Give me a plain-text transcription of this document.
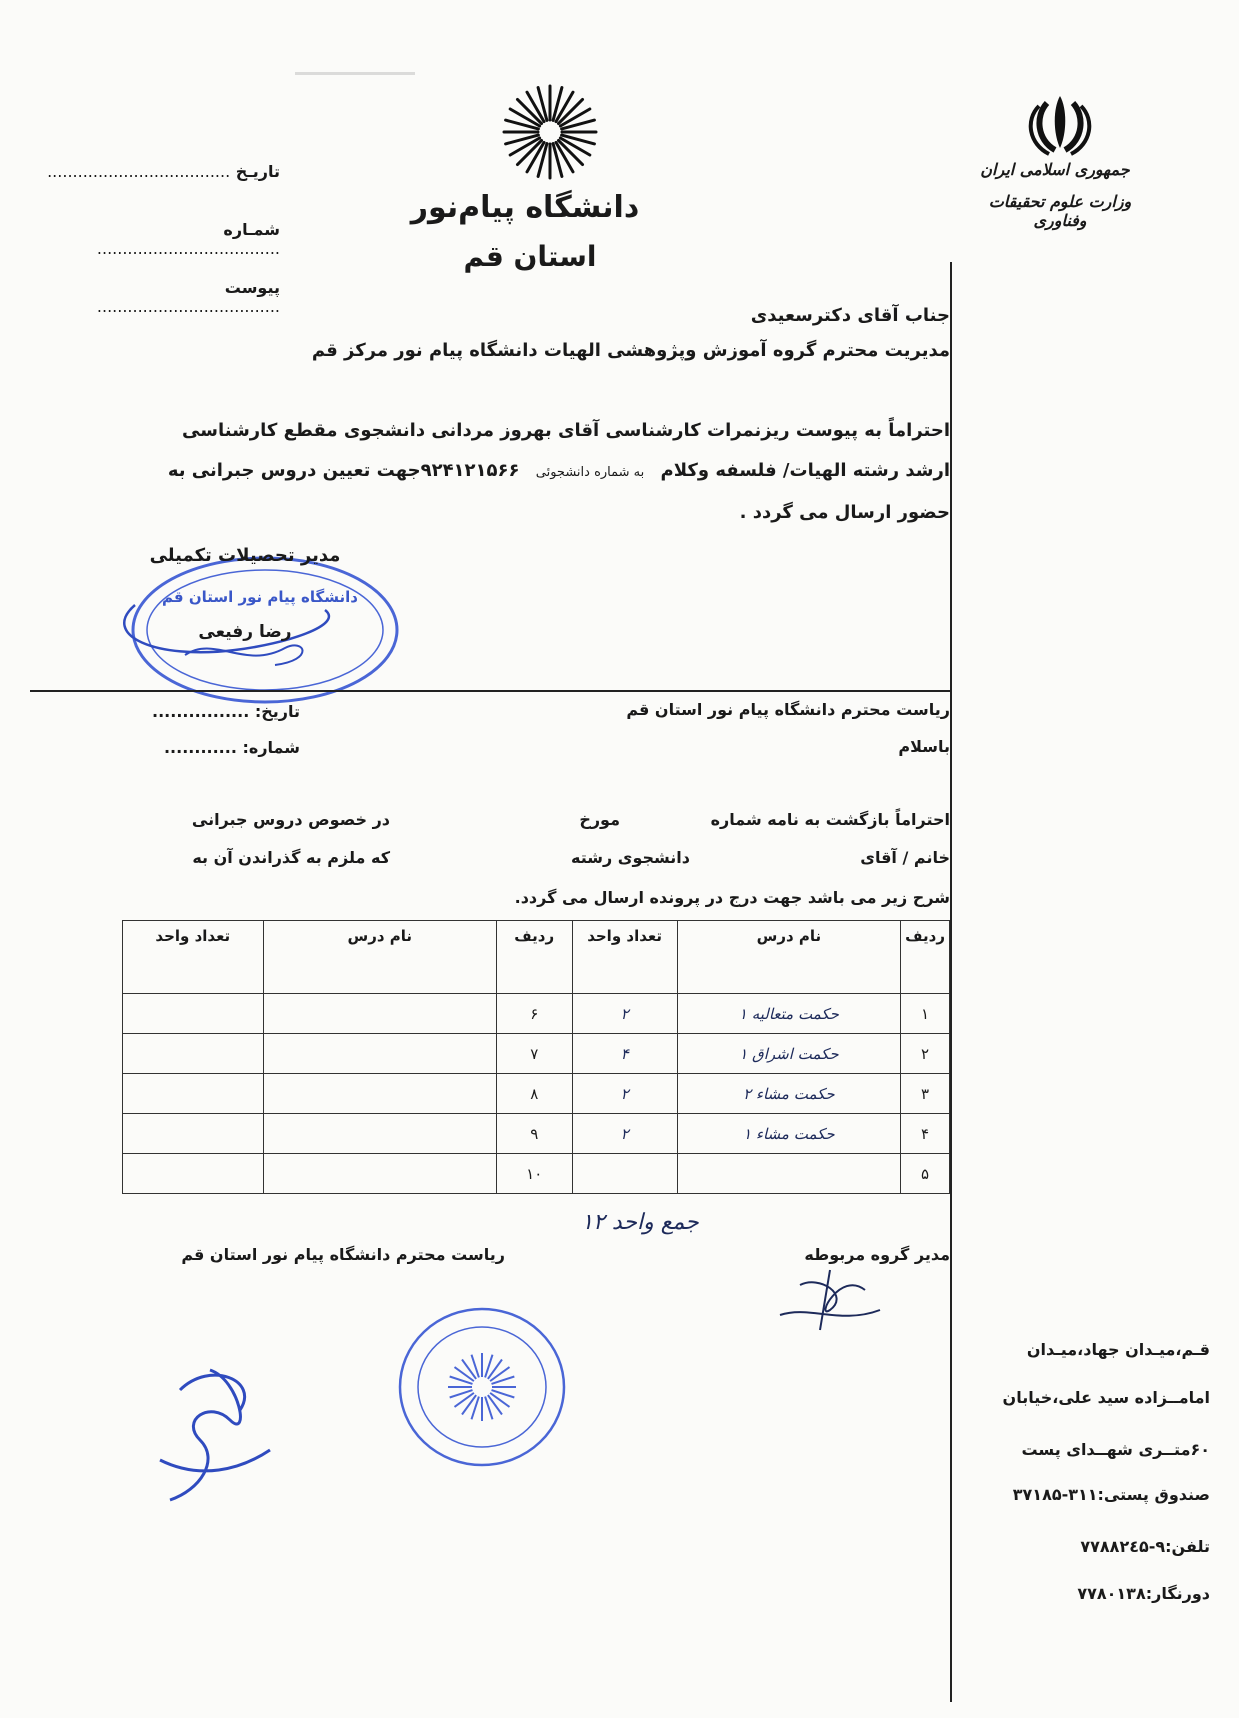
جمهوری اسلامی ایران
وزارت علوم تحقیقات وفناوری
دانشگاه پیام‌نور
استان قم
تاریـخ ....................................
شمـاره ....................................
پیوست ....................................	جناب آقای دکترسعیدی
مدیریت محترم گروه آموزش وپژوهشی الهیات دانشگاه پیام نور مرکز قم
احتراماً به پیوست ریزنمرات کارشناسی آقای بهروز مردانی دانشجوی مقطع کارشناسی
ارشد رشته الهیات/ فلسفه وکلام به شماره دانشجوئی ۹۲۴۱۲۱۵۶۶جهت تعیین دروس جبرانی به
حضور ارسال می گردد .
مدیر تحصیلات تکمیلی
دانشگاه پیام نور استان قم
رضا رفیعی
ریاست محترم دانشگاه پیام نور استان قم
باسلام
تاریخ: ................
شماره: ............
احتراماً بازگشت به نامه شماره
مورخ
در خصوص دروس جبرانی
خانم / آقای
دانشجوی رشته
که ملزم به گذراندن آن به
شرح زیر می باشد جهت درج در پرونده ارسال می گردد.
ردیف	نام درس	تعداد واحد	ردیف	نام درس	تعداد واحد
۱	حکمت متعالیه ۱	۲	۶		
۲	حکمت اشراق ۱	۴	۷		
۳	حکمت مشاء ۲	۲	۸		
۴	حکمت مشاء ۱	۲	۹		
۵			۱۰		
جمع واحد ۱۲
مدیر گروه مربوطه
ریاست محترم دانشگاه پیام نور استان قم
قـم،میـدان جهاد،میـدان
امامــزاده سید علی،خیابان
۶۰متــری شهــدای پست
صندوق پستی:۳۱۱-۳۷۱۸۵
تلفن:۹-۷۷۸۸۲٤۵
دورنگار:۷۷۸۰۱۳۸
